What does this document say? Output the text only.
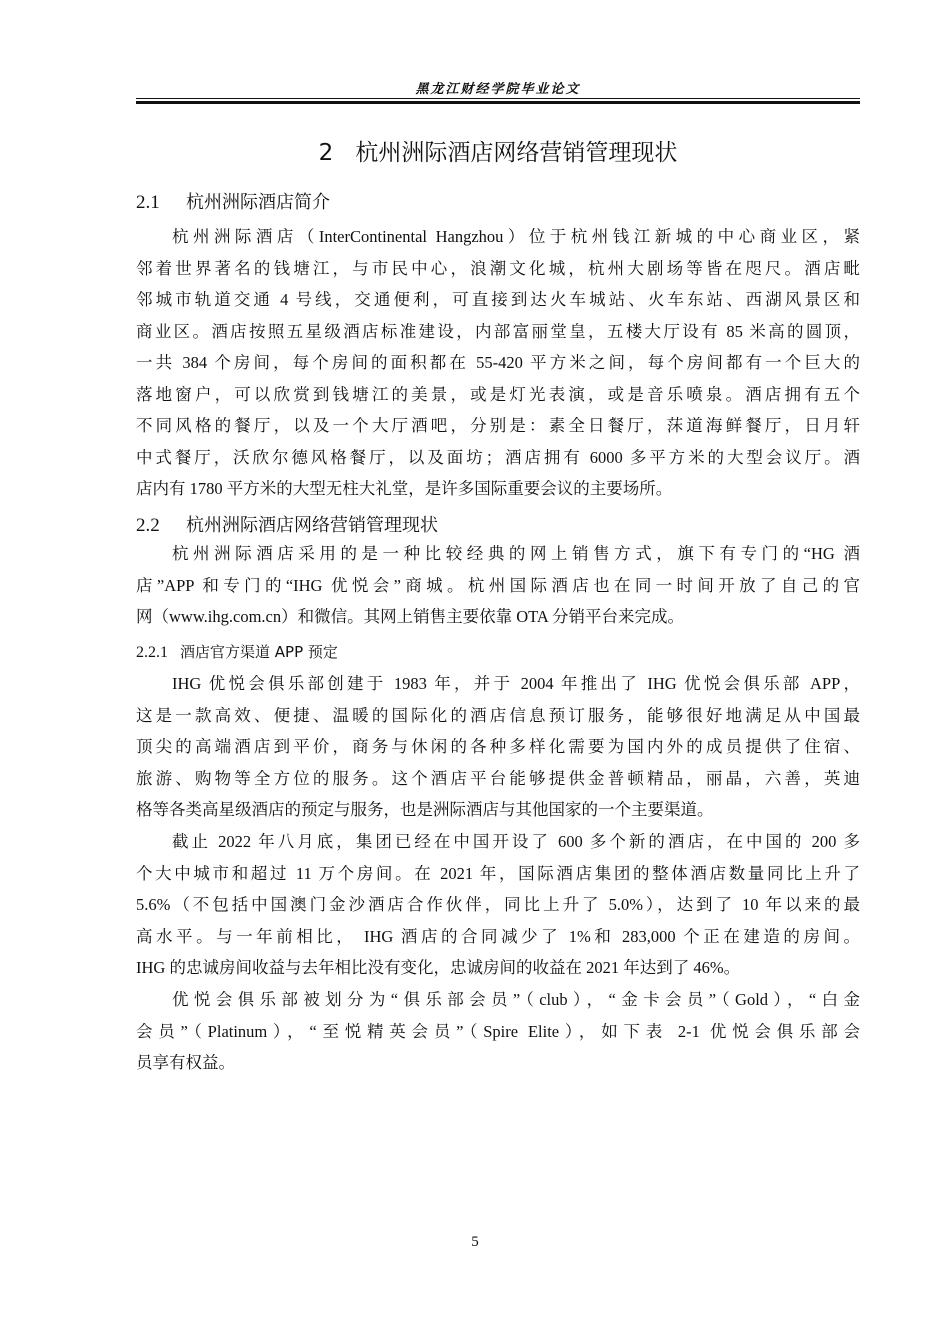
黑龙江财经学院毕业论文
2 杭州洲际酒店网络营销管理现状
2.1 杭州洲际酒店简介
杭州洲际酒店（InterContinental Hangzhou）位于杭州钱江新城的中心商业区，紧
邻着世界著名的钱塘江，与市民中心，浪潮文化城，杭州大剧场等皆在咫尺。酒店毗
邻城市轨道交通 4 号线，交通便利，可直接到达火车城站、火车东站、西湖风景区和
商业区。酒店按照五星级酒店标准建设，内部富丽堂皇，五楼大厅设有 85 米高的圆顶，
一共 384 个房间，每个房间的面积都在 55-420 平方米之间，每个房间都有一个巨大的
落地窗户，可以欣赏到钱塘江的美景，或是灯光表演，或是音乐喷泉。酒店拥有五个
不同风格的餐厅，以及一个大厅酒吧，分别是：素全日餐厅，莯道海鲜餐厅，日月轩
中式餐厅，沃欣尔德风格餐厅，以及面坊；酒店拥有 6000 多平方米的大型会议厅。酒
店内有 1780 平方米的大型无柱大礼堂，是许多国际重要会议的主要场所。
2.2 杭州洲际酒店网络营销管理现状
杭州洲际酒店采用的是一种比较经典的网上销售方式，旗下有专门的“HG 酒
店”APP 和专门的“IHG 优悦会”商城。杭州国际酒店也在同一时间开放了自己的官
网（www.ihg.com.cn）和微信。其网上销售主要依靠 OTA 分销平台来完成。
2.2.1 酒店官方渠道 APP 预定
IHG 优悦会俱乐部创建于 1983 年，并于 2004 年推出了 IHG 优悦会俱乐部 APP，
这是一款高效、便捷、温暖的国际化的酒店信息预订服务，能够很好地满足从中国最
顶尖的高端酒店到平价，商务与休闲的各种多样化需要为国内外的成员提供了住宿、
旅游、购物等全方位的服务。这个酒店平台能够提供金普顿精品，丽晶，六善，英迪
格等各类高星级酒店的预定与服务，也是洲际酒店与其他国家的一个主要渠道。
截止 2022 年八月底，集团已经在中国开设了 600 多个新的酒店，在中国的 200 多
个大中城市和超过 11 万个房间。在 2021 年，国际酒店集团的整体酒店数量同比上升了
5.6%（不包括中国澳门金沙酒店合作伙伴，同比上升了 5.0%），达到了 10 年以来的最
高水平。与一年前相比， IHG 酒店的合同减少了 1%和 283,000 个正在建造的房间。
IHG 的忠诚房间收益与去年相比没有变化，忠诚房间的收益在 2021 年达到了 46%。
优悦会俱乐部被划分为“俱乐部会员”（club），“金卡会员”（Gold），“白金
会员”（Platinum），“至悦精英会员”（Spire Elite），如下表 2-1 优悦会俱乐部会
员享有权益。
5
